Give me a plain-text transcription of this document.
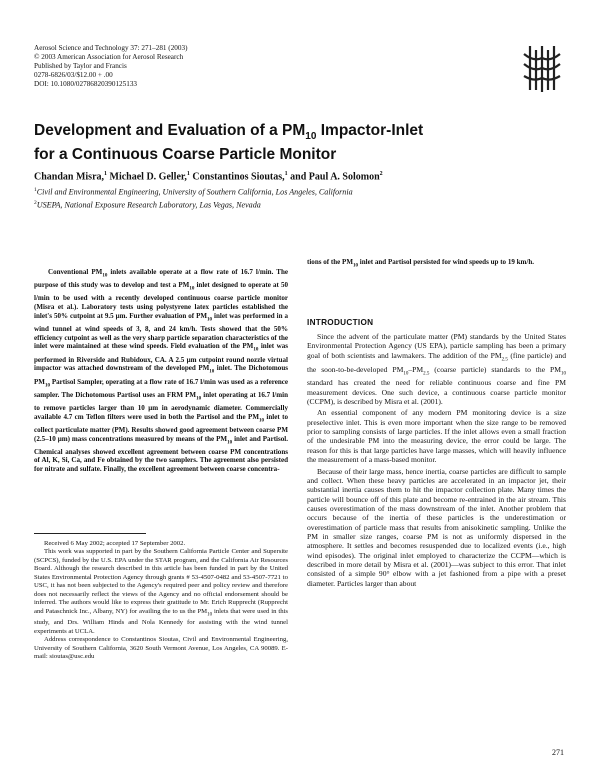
Aerosol Science and Technology 37: 271–281 (2003)
© 2003 American Association for Aerosol Research
Published by Taylor and Francis
0278-6826/03/$12.00 + .00
DOI: 10.1080/02786820390125133
Development and Evaluation of a $PM_{10}$ Impactor-Inlet
for a Continuous Coarse Particle Monitor
Chandan Misra,$^1$ Michael D. Geller,$^1$ Constantinos Sioutas,$^1$ and Paul A. Solomon$^2$
$^1$Civil and Environmental Engineering, University of Southern California, Los Angeles, California
$^2$USEPA, National Exposure Research Laboratory, Las Vegas, Nevada
Conventional $PM_{10}$ inlets available operate at a flow rate of 16.7 l/min. The purpose of this study was to develop and test a $PM_{10}$ inlet designed to operate at 50 l/min to be used with a recently developed continuous coarse particle monitor (Misra et al.). Laboratory tests using polystyrene latex particles established the inlet's 50% cutpoint at 9.5 μm. Further evaluation of $PM_{10}$ inlet was performed in a wind tunnel at wind speeds of 3, 8, and 24 km/h. Tests showed that the 50% efficiency cutpoint as well as the very sharp particle separation characteristics of the inlet were maintained at these wind speeds. Field evaluation of the $PM_{10}$ inlet was performed in Riverside and Rubidoux, CA. A 2.5 μm cutpoint round nozzle virtual impactor was attached downstream of the developed $PM_{10}$ inlet. The Dichotomous $PM_{10}$ Partisol Sampler, operating at a flow rate of 16.7 l/min was used as a reference sampler. The Dichotomous Partisol uses an FRM $PM_{10}$ inlet operating at 16.7 l/min to remove particles larger than 10 μm in aerodynamic diameter. Commercially available 4.7 cm Teflon filters were used in both the Partisol and the $PM_{10}$ inlet to collect particulate matter (PM). Results showed good agreement between coarse PM (2.5–10 μm) mass concentrations measured by means of the $PM_{10}$ inlet and Partisol. Chemical analyses showed excellent agreement between coarse PM concentrations of Al, K, Si, Ca, and Fe obtained by the two samplers. The agreement also persisted for nitrate and sulfate. Finally, the excellent agreement between coarse concentra-
tions of the $PM_{10}$ inlet and Partisol persisted for wind speeds up to 19 km/h.

Received 6 May 2002; accepted 17 September 2002.

This work was supported in part by the Southern California Particle Center and Supersite (SCPCS), funded by the U.S. EPA under the STAR program, and the California Air Resources Board. Although the research described in this article has been funded in part by the United States Environmental Protection Agency through grants # 53-4507-0482 and 53-4507-7721 to USC, it has not been subjected to the Agency's required peer and policy review and therefore does not necessarily reflect the views of the Agency and no official endorsement should be inferred. The authors would like to express their gratitude to Mr. Erich Rupprecht (Rupprecht and Pataschnick Inc., Albany, NY) for availing the to us the $PM_{10}$ inlets that were used in this study, and Drs. William Hinds and Nola Kennedy for assisting with the wind tunnel experiments at UCLA.

Address correspondence to Constantinos Sioutas, Civil and Environmental Engineering, University of Southern California, 3620 South Vermont Avenue, Los Angeles, CA 90089. E-mail: sioutas@usc.edu

INTRODUCTION

Since the advent of the particulate matter (PM) standards by the United States Environmental Protection Agency (US EPA), particle sampling has been a primary goal of both scientists and lawmakers. The addition of the $PM_{2.5}$ (fine particle) and the soon-to-be-developed $PM_{10}-PM_{2.5}$ (coarse particle) standards to the $PM_{10}$ standard has created the need for reliable continuous coarse and fine PM measurement devices. One such device, a continuous coarse particle monitor (CCPM), is described by Misra et al. (2001).

An essential component of any modern PM monitoring device is a size preselective inlet. This is even more important when the size range to be removed prior to sampling consists of large particles. If the inlet allows even a small fraction of the undesirable PM into the measuring device, the error could be large. The reason for this is that large particles have large masses, which will heavily influence the measurement of a mass-based monitor.

Because of their large mass, hence inertia, coarse particles are difficult to sample and collect. When these heavy particles are accelerated in an impactor jet, their substantial inertia causes them to hit the impactor collection plate. Many times the particle will bounce off of this plate and become re-entrained in the air stream. This causes overestimation of the mass downstream of the inlet. Another problem that occurs because of the inertia of these particles is the underestimation or overestimation of particle mass that results from anisokinetic sampling. Unlike the PM in smaller size ranges, coarse PM is not as uniformly dispersed in the atmosphere. It settles and becomes resuspended due to localized events (i.e., high wind episodes). The original inlet employed to characterize the CCPM—which is described in more detail by Misra et al. (2001)—was subject to this error. That inlet consisted of a simple 90° elbow with a jet fashioned from a pipe with a preset diameter. Particles larger than about

271
